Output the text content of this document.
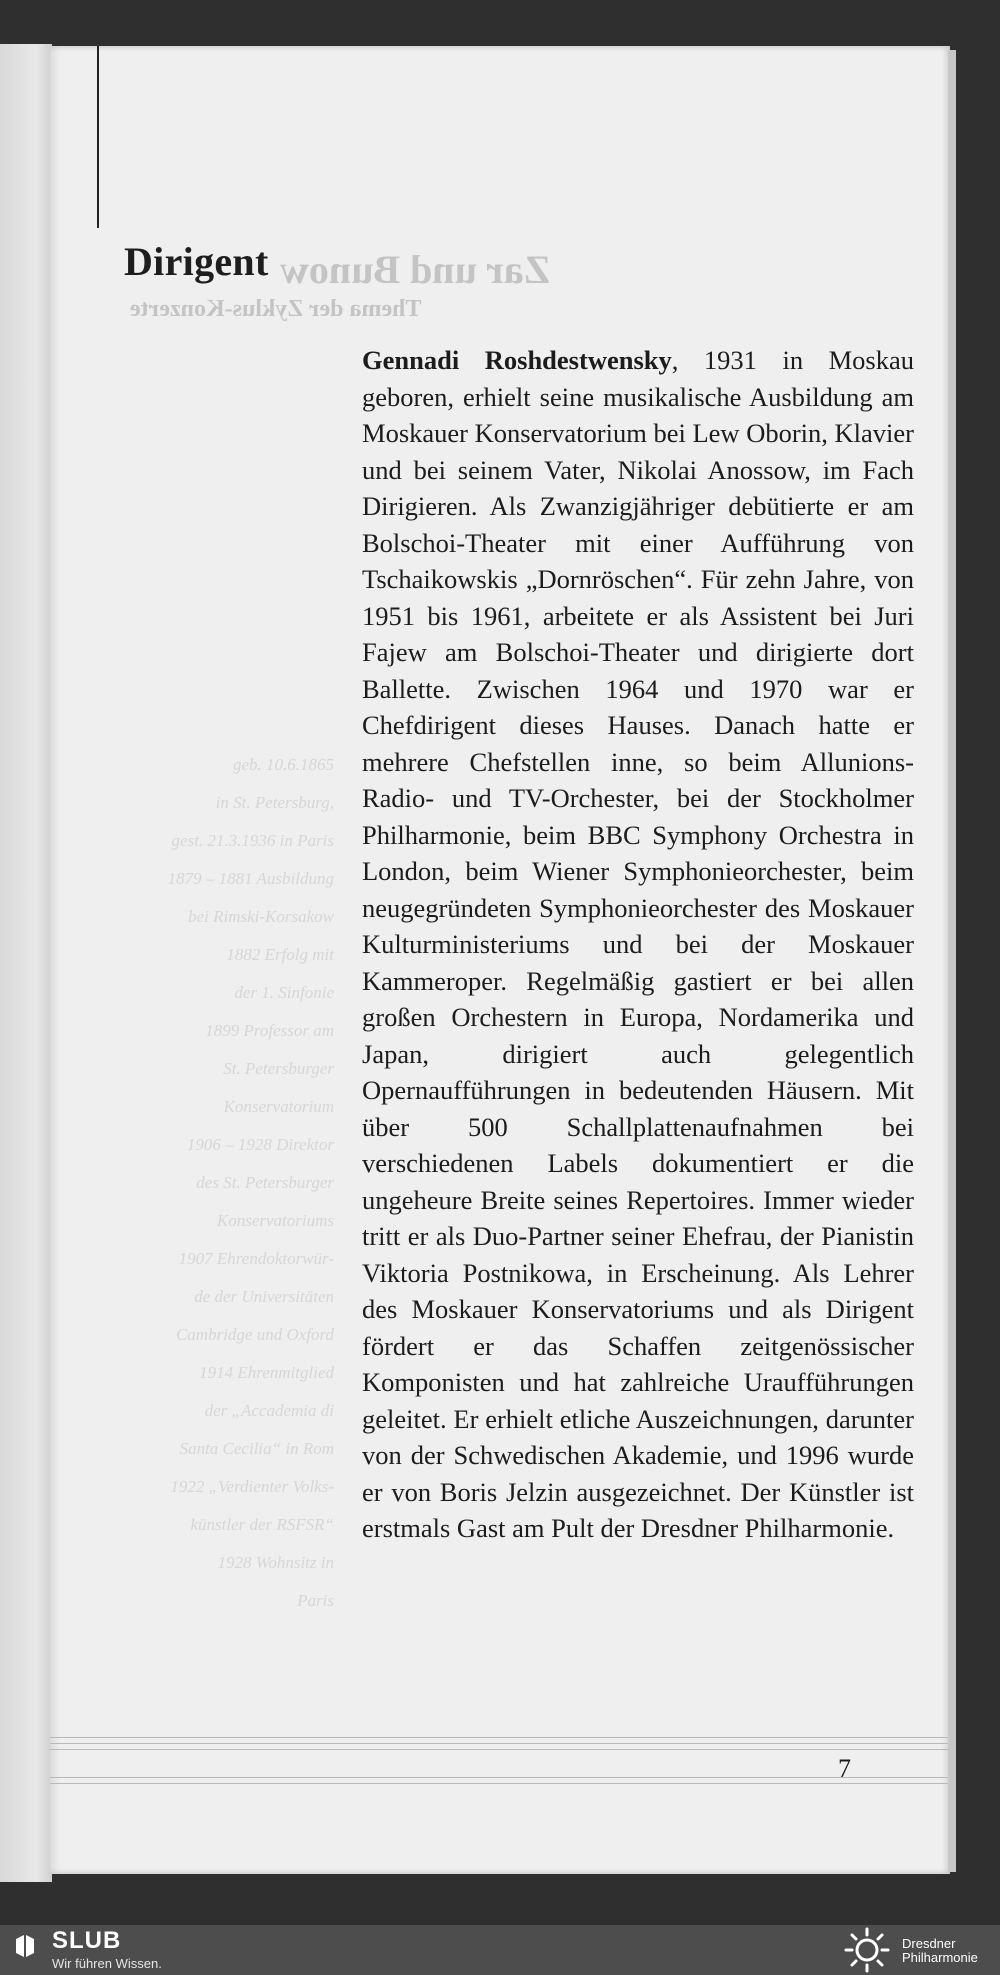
Zar und Bunow
Thema der Zyklus-Konzerte
geb. 10.6.1865
in St. Petersburg,
gest. 21.3.1936 in Paris
1879 – 1881 Ausbildung
bei Rimski-Korsakow
1882 Erfolg mit
der 1. Sinfonie
1899 Professor am
St. Petersburger
Konservatorium
1906 – 1928 Direktor
des St. Petersburger
Konservatoriums
1907 Ehrendoktorwür-
de der Universitäten
Cambridge und Oxford
1914 Ehrenmitglied
der „Accademia di
Santa Cecilia“ in Rom
1922 „Verdienter Volks-
künstler der RSFSR“
1928 Wohnsitz in
Paris
Dirigent
Gennadi Roshdestwensky, 1931 in Moskau geboren, erhielt seine musikalische Ausbildung am Moskauer Konservatorium bei Lew Oborin, Klavier und bei seinem Vater, Nikolai Anossow, im Fach Dirigieren. Als Zwanzigjähriger debütierte er am Bolschoi-Theater mit einer Aufführung von Tschaikowskis „Dornröschen“. Für zehn Jahre, von 1951 bis 1961, arbeitete er als Assistent bei Juri Fajew am Bolschoi-Theater und dirigierte dort Ballette. Zwischen 1964 und 1970 war er Chefdirigent dieses Hauses. Danach hatte er mehrere Chefstellen inne, so beim Allunions-Radio- und TV-Orchester, bei der Stockholmer Philharmonie, beim BBC Symphony Orchestra in London, beim Wiener Symphonieorchester, beim neugegründeten Symphonieorchester des Moskauer Kulturministeriums und bei der Moskauer Kammeroper. Regelmäßig gastiert er bei allen großen Orchestern in Europa, Nordamerika und Japan, dirigiert auch gelegentlich Opernaufführungen in bedeutenden Häusern. Mit über 500 Schallplattenaufnahmen bei verschiedenen Labels dokumentiert er die ungeheure Breite seines Repertoires. Immer wieder tritt er als Duo-Partner seiner Ehefrau, der Pianistin Viktoria Postnikowa, in Erscheinung. Als Lehrer des Moskauer Konservatoriums und als Dirigent fördert er das Schaffen zeitgenössischer Komponisten und hat zahlreiche Uraufführungen geleitet. Er erhielt etliche Auszeichnungen, darunter von der Schwedischen Akademie, und 1996 wurde er von Boris Jelzin ausgezeichnet. Der Künstler ist erstmals Gast am Pult der Dresdner Philharmonie.
7
SLUB
Wir führen Wissen.
Dresdner
Philharmonie
